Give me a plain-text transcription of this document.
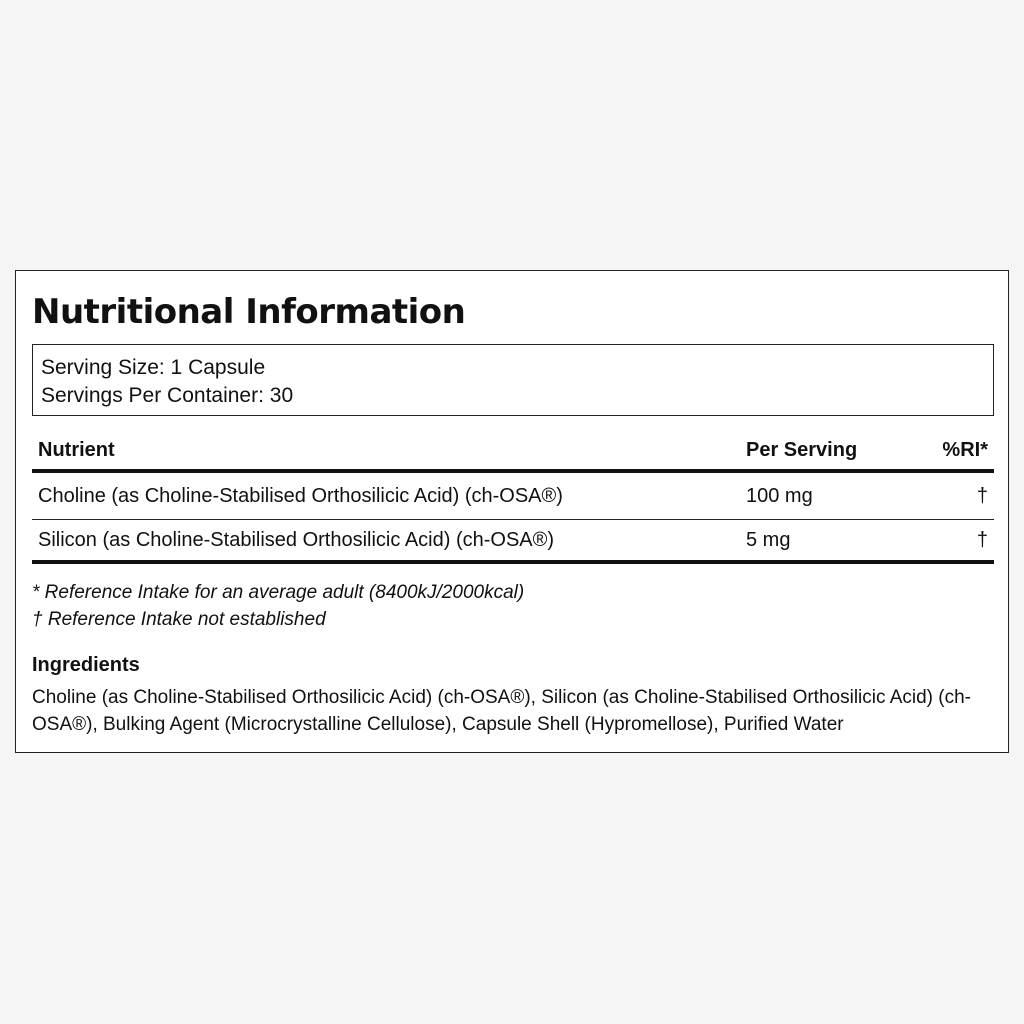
Nutritional Information
Serving Size: 1 Capsule
Servings Per Container: 30
Nutrient	Per Serving	%RI*
Choline (as Choline-Stabilised Orthosilicic Acid) (ch-OSA®)	100 mg	†
Silicon (as Choline-Stabilised Orthosilicic Acid) (ch-OSA®)	5 mg	†
* Reference Intake for an average adult (8400kJ/2000kcal)
† Reference Intake not established
Ingredients
Choline (as Choline-Stabilised Orthosilicic Acid) (ch-OSA®), Silicon (as Choline-Stabilised Orthosilicic Acid) (ch-OSA®), Bulking Agent (Microcrystalline Cellulose), Capsule Shell (Hypromellose), Purified Water
